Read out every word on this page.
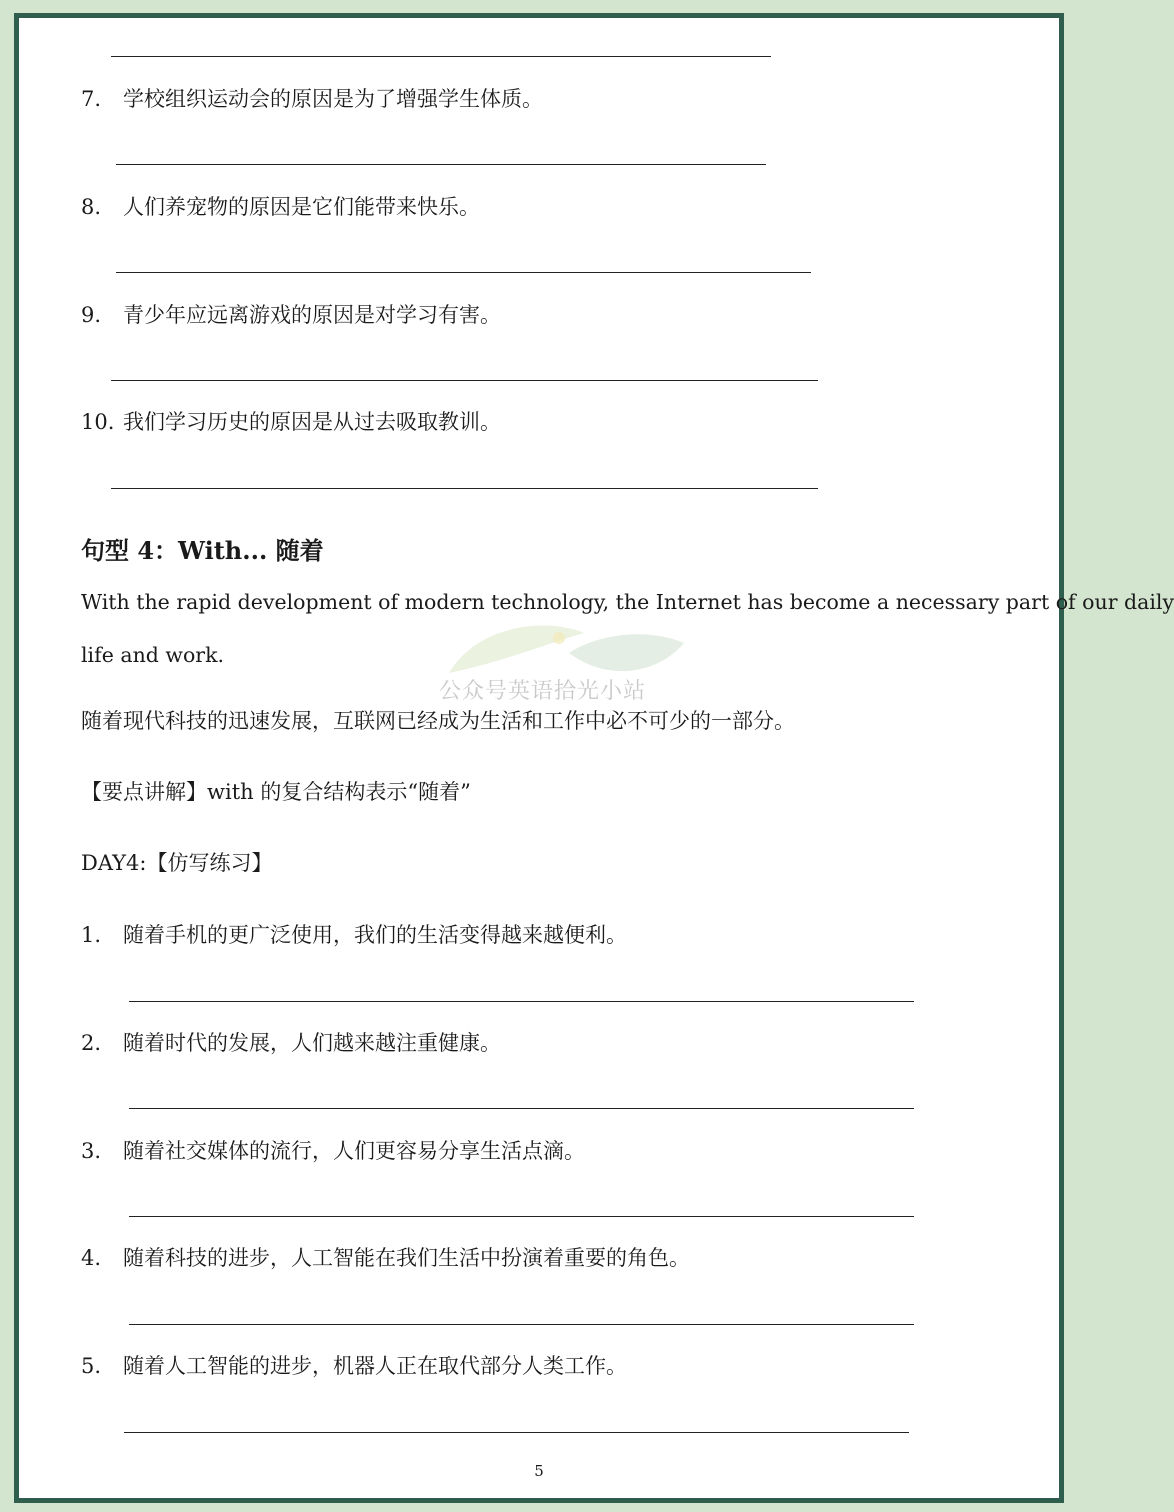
7. 学校组织运动会的原因是为了增强学生体质。
8. 人们养宠物的原因是它们能带来快乐。
9. 青少年应远离游戏的原因是对学习有害。
10. 我们学习历史的原因是从过去吸取教训。
句型 4：With... 随着
With the rapid development of modern technology, the Internet has become a necessary part of our daily
life and work.
公众号英语拾光小站
随着现代科技的迅速发展，互联网已经成为生活和工作中必不可少的一部分。
【要点讲解】with 的复合结构表示“随着”
DAY4:【仿写练习】
1. 随着手机的更广泛使用，我们的生活变得越来越便利。
2. 随着时代的发展，人们越来越注重健康。
3. 随着社交媒体的流行，人们更容易分享生活点滴。
4. 随着科技的进步，人工智能在我们生活中扮演着重要的角色。
5. 随着人工智能的进步，机器人正在取代部分人类工作。
5
